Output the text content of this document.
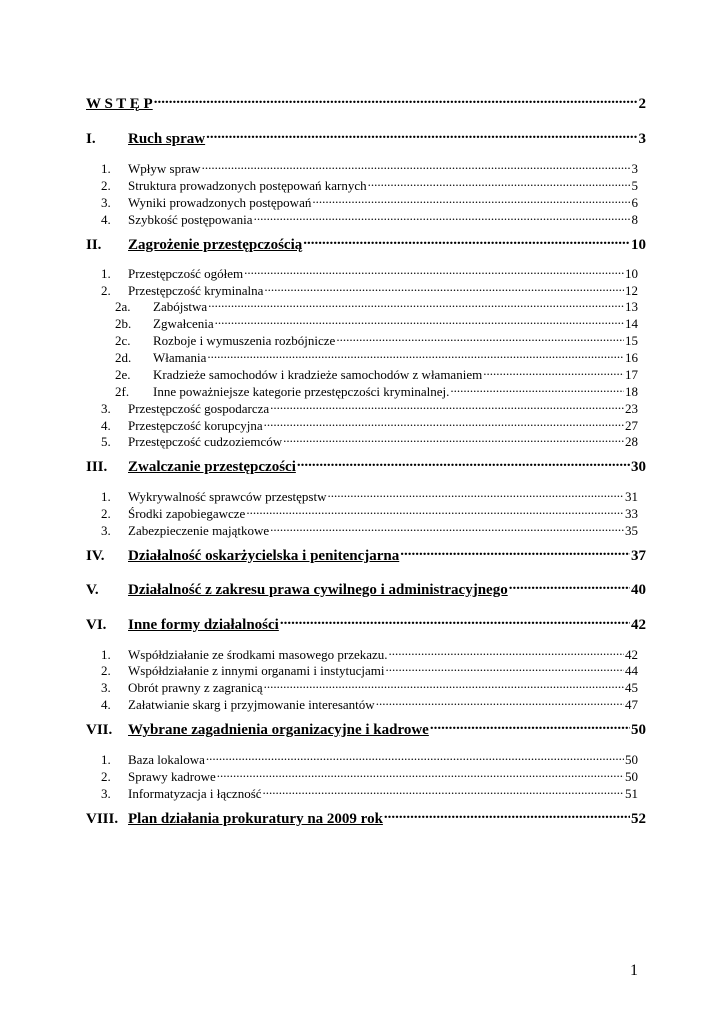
W S T Ę P .....	2
I.	Ruch spraw .....	3
1.	Wpływ spraw .....	3
2.	Struktura prowadzonych postępowań karnych .....	5
3.	Wyniki prowadzonych postępowań .....	6
4.	Szybkość postępowania .....	8
II.	Zagrożenie przestępczością .....	10
1.	Przestępczość ogółem .....	10
2.	Przestępczość kryminalna .....	12
2a.	Zabójstwa .....	13
2b.	Zgwałcenia .....	14
2c.	Rozboje i wymuszenia rozbójnicze .....	15
2d.	Włamania .....	16
2e.	Kradzieże samochodów i kradzieże samochodów z włamaniem .....	17
2f.	Inne poważniejsze kategorie przestępczości kryminalnej. .....	18
3.	Przestępczość gospodarcza .....	23
4.	Przestępczość korupcyjna .....	27
5.	Przestępczość cudzoziemców .....	28
III.	Zwalczanie przestępczości .....	30
1.	Wykrywalność sprawców przestępstw .....	31
2.	Środki zapobiegawcze .....	33
3.	Zabezpieczenie majątkowe .....	35
IV.	Działalność oskarżycielska i penitencjarna .....	37
V.	Działalność z zakresu prawa cywilnego i administracyjnego .....	40
VI.	Inne formy działalności .....	42
1.	Współdziałanie ze środkami masowego przekazu. .....	42
2.	Współdziałanie z innymi organami i instytucjami .....	44
3.	Obrót prawny z zagranicą .....	45
4.	Załatwianie skarg i przyjmowanie interesantów .....	47
VII.	Wybrane zagadnienia organizacyjne i kadrowe .....	50
1.	Baza lokalowa .....	50
2.	Sprawy kadrowe .....	50
3.	Informatyzacja i łączność .....	51
VIII. Plan działania prokuratury na 2009 rok .....	52
1
